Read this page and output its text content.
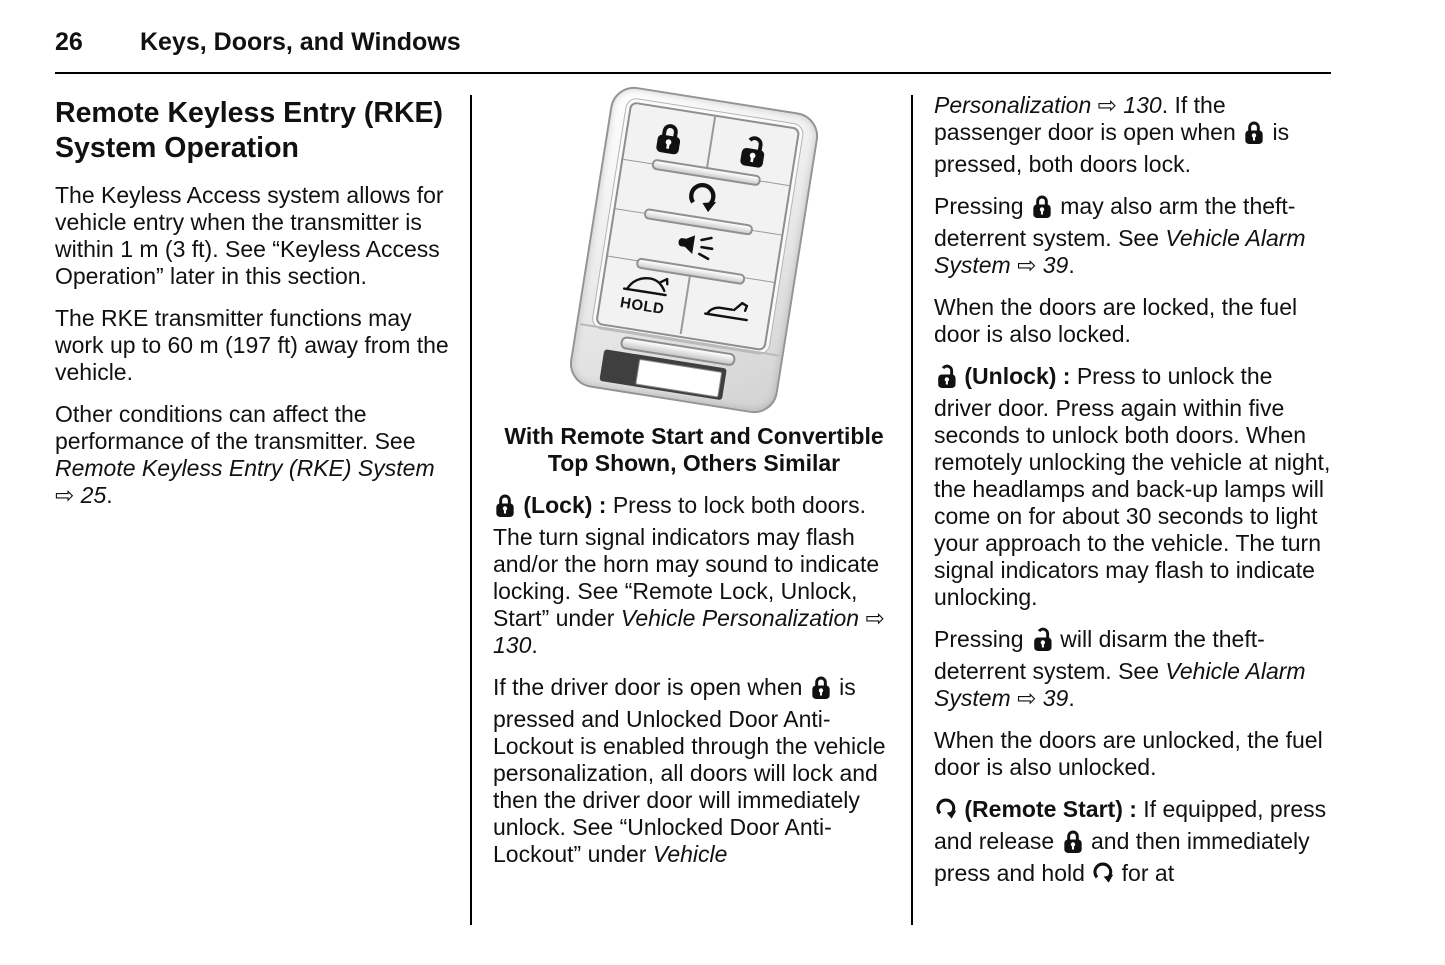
26 Keys, Doors, and Windows
Remote Keyless Entry (RKE) System Operation

The Keyless Access system allows for vehicle entry when the transmitter is within 1 m (3 ft). See “Keyless Access Operation” later in this section.

The RKE transmitter functions may work up to 60 m (197 ft) away from the vehicle.

Other conditions can affect the performance of the transmitter. See Remote Keyless Entry (RKE) System ⇨ 25.

HOLD
With Remote Start and Convertible Top Shown, Others Similar

(Lock) : Press to lock both doors. The turn signal indicators may flash and/or the horn may sound to indicate locking. See “Remote Lock, Unlock, Start” under Vehicle Personalization ⇨ 130.

If the driver door is open when  is pressed and Unlocked Door Anti-Lockout is enabled through the vehicle personalization, all doors will lock and then the driver door will immediately unlock. See “Unlocked Door Anti-Lockout” under Vehicle

Personalization ⇨ 130. If the passenger door is open when  is pressed, both doors lock.

Pressing  may also arm the theft-deterrent system. See Vehicle Alarm System ⇨ 39.

When the doors are locked, the fuel door is also locked.

(Unlock) : Press to unlock the driver door. Press again within five seconds to unlock both doors. When remotely unlocking the vehicle at night, the headlamps and back-up lamps will come on for about 30 seconds to light your approach to the vehicle. The turn signal indicators may flash to indicate unlocking.

Pressing  will disarm the theft-deterrent system. See Vehicle Alarm System ⇨ 39.

When the doors are unlocked, the fuel door is also unlocked.

(Remote Start) : If equipped, press and release  and then immediately press and hold  for at
